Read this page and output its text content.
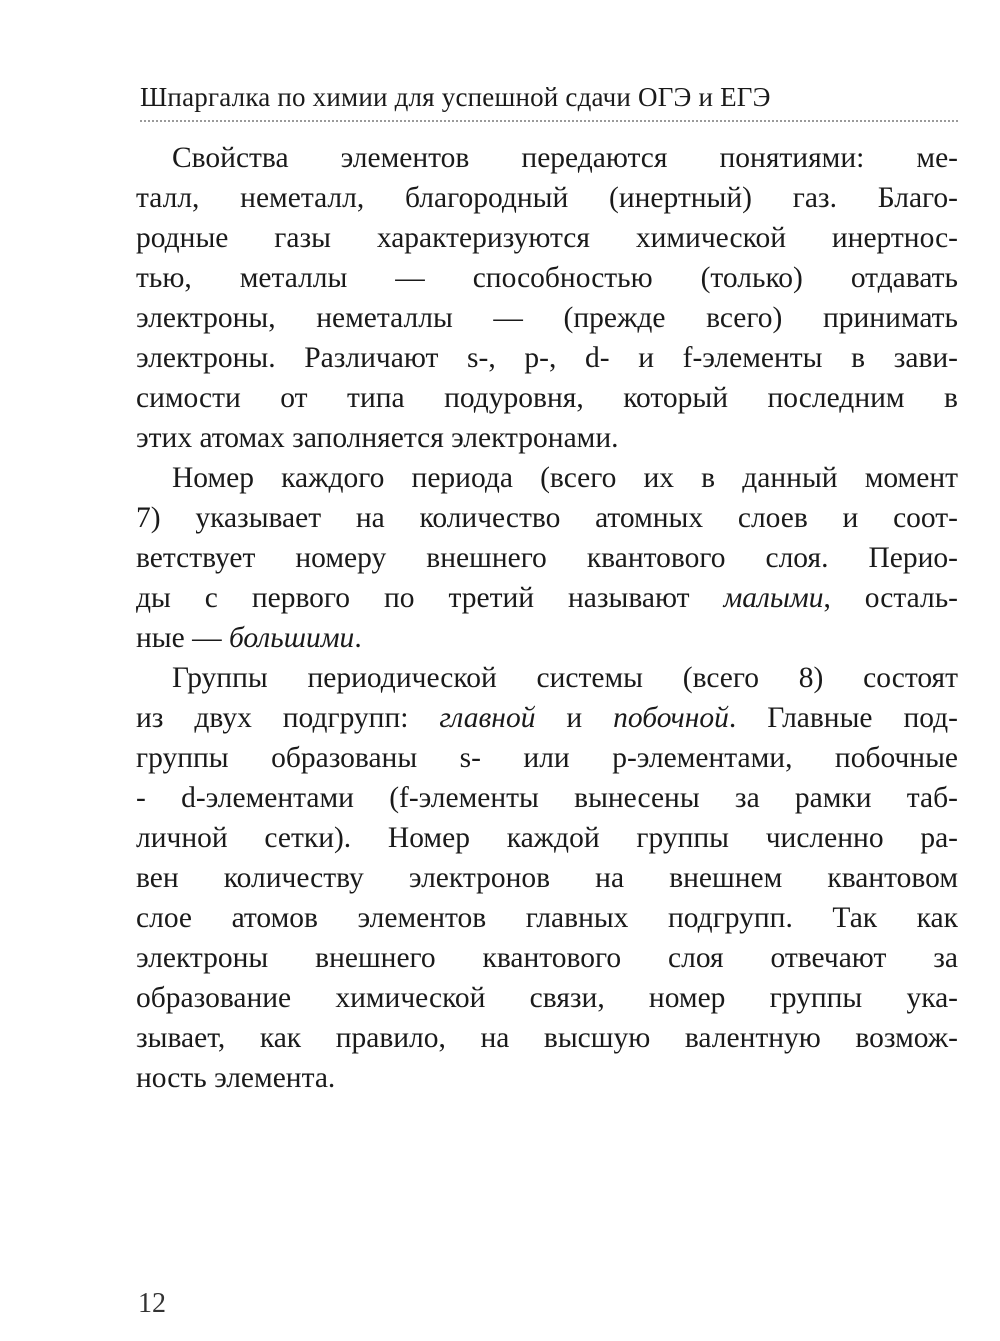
Шпаргалка по химии для успешной сдачи ОГЭ и ЕГЭ
Свойства элементов передаются понятиями: ме-
талл, неметалл, благородный (инертный) газ. Благо-
родные газы характеризуются химической инертнос-
тью, металлы — способностью (только) отдавать
электроны, неметаллы — (прежде всего) принимать
электроны. Различают s-, p-, d- и f-элементы в зави-
симости от типа подуровня, который последним в
этих атомах заполняется электронами.
Номер каждого периода (всего их в данный момент
7) указывает на количество атомных слоев и соот-
ветствует номеру внешнего квантового слоя. Перио-
ды с первого по третий называют малыми, осталь-
ные — большими.
Группы периодической системы (всего 8) состоят
из двух подгрупп: главной и побочной. Главные под-
группы образованы s- или p-элементами, побочные
- d-элементами (f-элементы вынесены за рамки таб-
личной сетки). Номер каждой группы численно ра-
вен количеству электронов на внешнем квантовом
слое атомов элементов главных подгрупп. Так как
электроны внешнего квантового слоя отвечают за
образование химической связи, номер группы ука-
зывает, как правило, на высшую валентную возмож-
ность элемента.
12
